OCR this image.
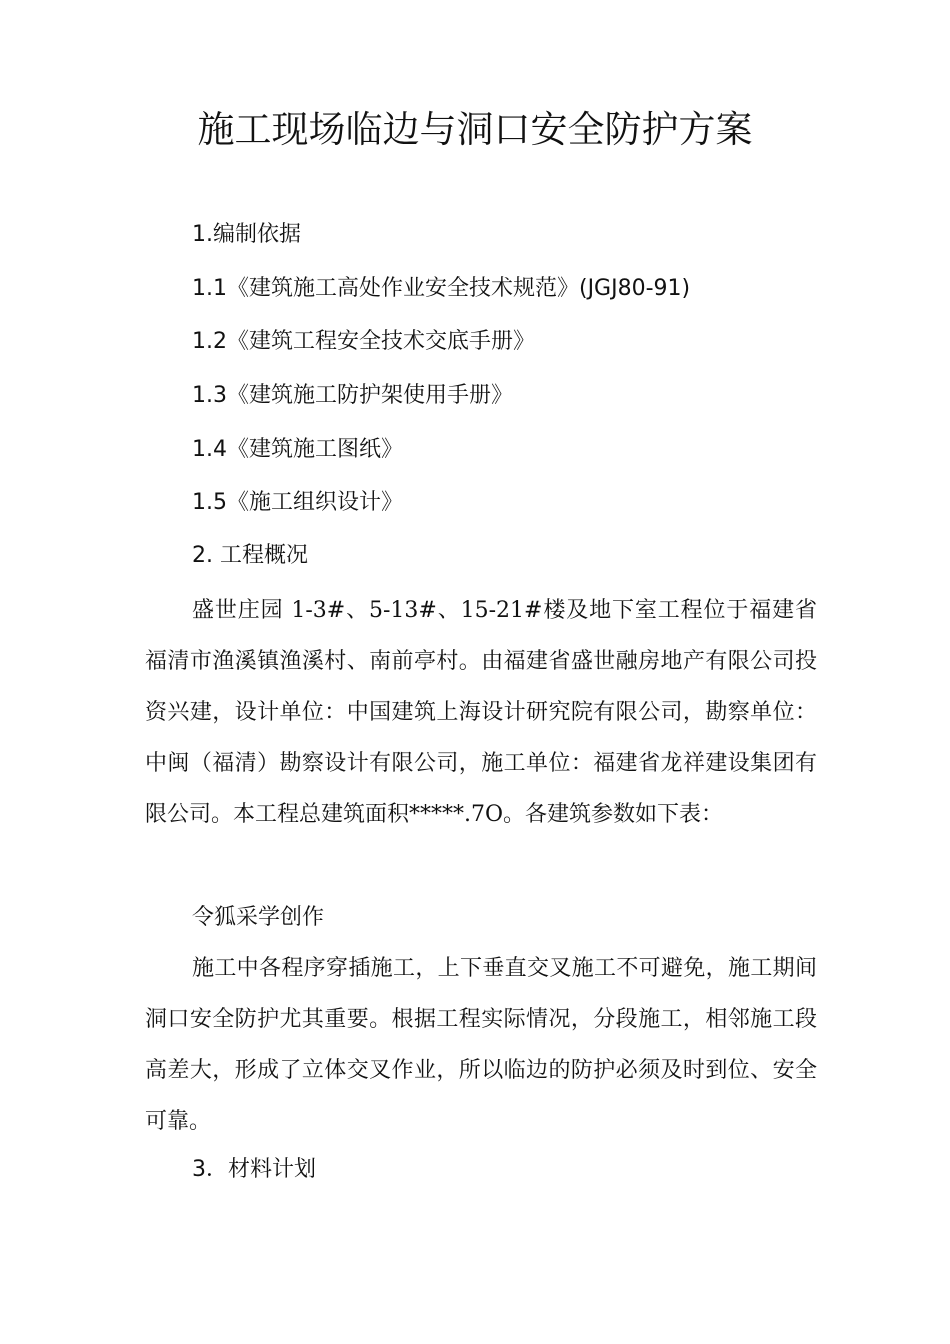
施工现场临边与洞口安全防护方案

1.编制依据

1.1《建筑施工高处作业安全技术规范》(JGJ80-91)

1.2《建筑工程安全技术交底手册》

1.3《建筑施工防护架使用手册》

1.4《建筑施工图纸》

1.5《施工组织设计》

2. 工程概况

盛世庄园 1-3#、5-13#、15-21#楼及地下室工程位于福建省福清市渔溪镇渔溪村、南前亭村。由福建省盛世融房地产有限公司投资兴建，设计单位：中国建筑上海设计研究院有限公司，勘察单位：中闽（福清）勘察设计有限公司，施工单位：福建省龙祥建设集团有限公司。本工程总建筑面积*****.7O。各建筑参数如下表：

令狐采学创作

施工中各程序穿插施工，上下垂直交叉施工不可避免，施工期间洞口安全防护尤其重要。根据工程实际情况，分段施工，相邻施工段高差大，形成了立体交叉作业，所以临边的防护必须及时到位、安全可靠。

3．材料计划
